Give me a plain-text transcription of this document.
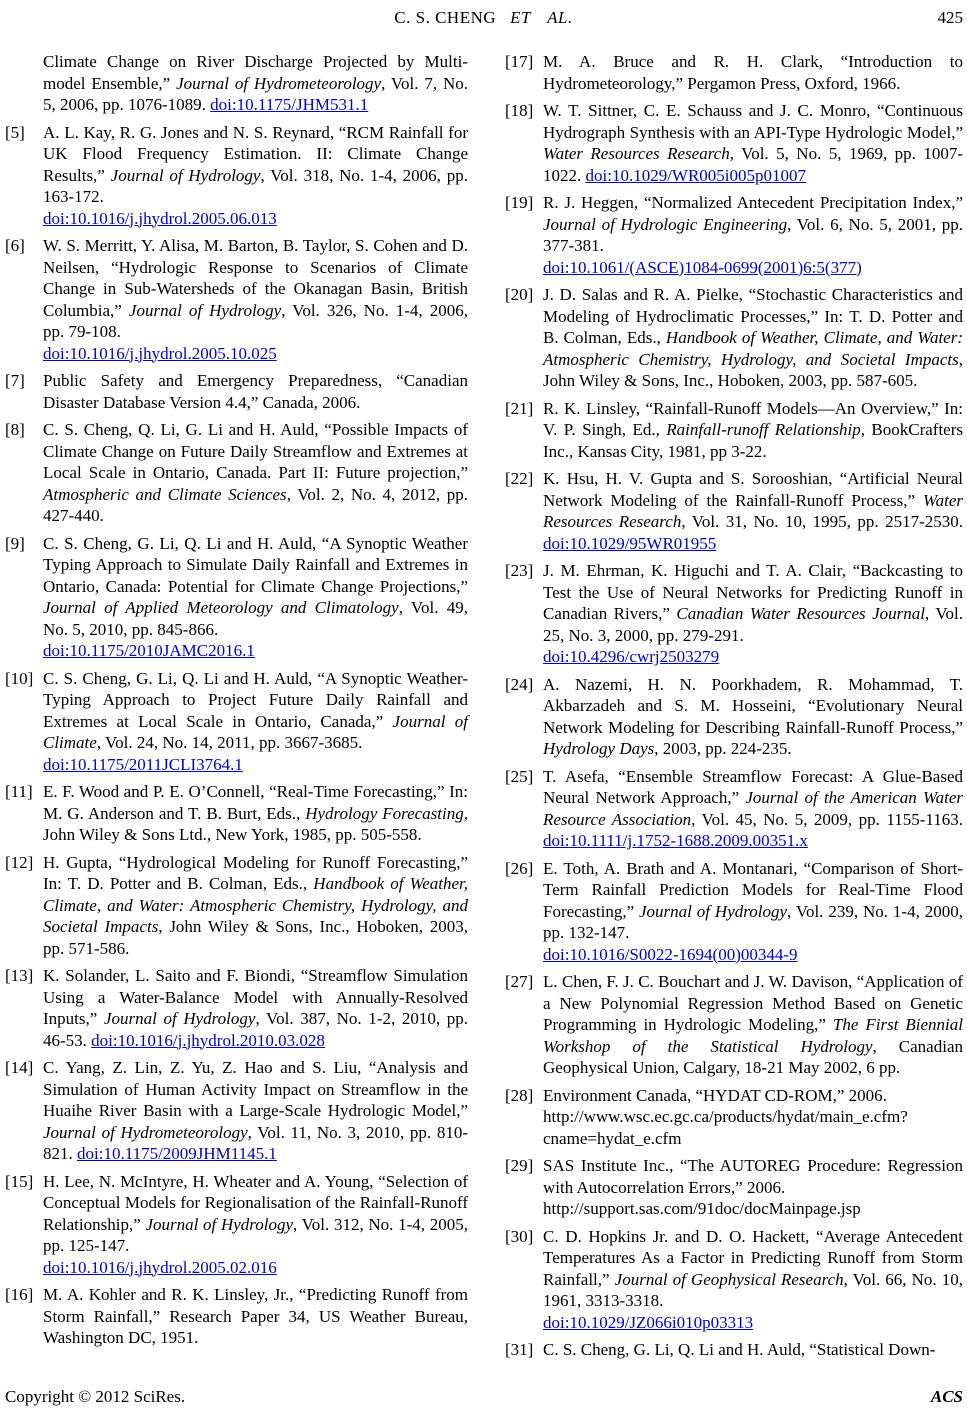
C. S. CHENG ET AL.	425
Climate Change on River Discharge Projected by Multi-model Ensemble,” Journal of Hydrometeorology, Vol. 7, No. 5, 2006, pp. 1076-1089. doi:10.1175/JHM531.1
[5] A. L. Kay, R. G. Jones and N. S. Reynard, “RCM Rainfall for UK Flood Frequency Estimation. II: Climate Change Results,” Journal of Hydrology, Vol. 318, No. 1-4, 2006, pp. 163-172.
doi:10.1016/j.jhydrol.2005.06.013
[6] W. S. Merritt, Y. Alisa, M. Barton, B. Taylor, S. Cohen and D. Neilsen, “Hydrologic Response to Scenarios of Climate Change in Sub-Watersheds of the Okanagan Basin, British Columbia,” Journal of Hydrology, Vol. 326, No. 1-4, 2006, pp. 79-108.
doi:10.1016/j.jhydrol.2005.10.025
[7] Public Safety and Emergency Preparedness, “Canadian Disaster Database Version 4.4,” Canada, 2006.
[8] C. S. Cheng, Q. Li, G. Li and H. Auld, “Possible Impacts of Climate Change on Future Daily Streamflow and Extremes at Local Scale in Ontario, Canada. Part II: Future projection,” Atmospheric and Climate Sciences, Vol. 2, No. 4, 2012, pp. 427-440.
[9] C. S. Cheng, G. Li, Q. Li and H. Auld, “A Synoptic Weather Typing Approach to Simulate Daily Rainfall and Extremes in Ontario, Canada: Potential for Climate Change Projections,” Journal of Applied Meteorology and Climatology, Vol. 49, No. 5, 2010, pp. 845-866.
doi:10.1175/2010JAMC2016.1
[10] C. S. Cheng, G. Li, Q. Li and H. Auld, “A Synoptic Weather-Typing Approach to Project Future Daily Rainfall and Extremes at Local Scale in Ontario, Canada,” Journal of Climate, Vol. 24, No. 14, 2011, pp. 3667-3685.
doi:10.1175/2011JCLI3764.1
[11] E. F. Wood and P. E. O’Connell, “Real-Time Forecasting,” In: M. G. Anderson and T. B. Burt, Eds., Hydrology Forecasting, John Wiley & Sons Ltd., New York, 1985, pp. 505-558.
[12] H. Gupta, “Hydrological Modeling for Runoff Forecasting,” In: T. D. Potter and B. Colman, Eds., Handbook of Weather, Climate, and Water: Atmospheric Chemistry, Hydrology, and Societal Impacts, John Wiley & Sons, Inc., Hoboken, 2003, pp. 571-586.
[13] K. Solander, L. Saito and F. Biondi, “Streamflow Simulation Using a Water-Balance Model with Annually-Resolved Inputs,” Journal of Hydrology, Vol. 387, No. 1-2, 2010, pp. 46-53. doi:10.1016/j.jhydrol.2010.03.028
[14] C. Yang, Z. Lin, Z. Yu, Z. Hao and S. Liu, “Analysis and Simulation of Human Activity Impact on Streamflow in the Huaihe River Basin with a Large-Scale Hydrologic Model,” Journal of Hydrometeorology, Vol. 11, No. 3, 2010, pp. 810-821. doi:10.1175/2009JHM1145.1
[15] H. Lee, N. McIntyre, H. Wheater and A. Young, “Selection of Conceptual Models for Regionalisation of the Rainfall-Runoff Relationship,” Journal of Hydrology, Vol. 312, No. 1-4, 2005, pp. 125-147.
doi:10.1016/j.jhydrol.2005.02.016
[16] M. A. Kohler and R. K. Linsley, Jr., “Predicting Runoff from Storm Rainfall,” Research Paper 34, US Weather Bureau, Washington DC, 1951.
[17] M. A. Bruce and R. H. Clark, “Introduction to Hydrometeorology,” Pergamon Press, Oxford, 1966.
[18] W. T. Sittner, C. E. Schauss and J. C. Monro, “Continuous Hydrograph Synthesis with an API-Type Hydrologic Model,” Water Resources Research, Vol. 5, No. 5, 1969, pp. 1007-1022. doi:10.1029/WR005i005p01007
[19] R. J. Heggen, “Normalized Antecedent Precipitation Index,” Journal of Hydrologic Engineering, Vol. 6, No. 5, 2001, pp. 377-381.
doi:10.1061/(ASCE)1084-0699(2001)6:5(377)
[20] J. D. Salas and R. A. Pielke, “Stochastic Characteristics and Modeling of Hydroclimatic Processes,” In: T. D. Potter and B. Colman, Eds., Handbook of Weather, Climate, and Water: Atmospheric Chemistry, Hydrology, and Societal Impacts, John Wiley & Sons, Inc., Hoboken, 2003, pp. 587-605.
[21] R. K. Linsley, “Rainfall-Runoff Models—An Overview,” In: V. P. Singh, Ed., Rainfall-runoff Relationship, BookCrafters Inc., Kansas City, 1981, pp 3-22.
[22] K. Hsu, H. V. Gupta and S. Sorooshian, “Artificial Neural Network Modeling of the Rainfall-Runoff Process,” Water Resources Research, Vol. 31, No. 10, 1995, pp. 2517-2530. doi:10.1029/95WR01955
[23] J. M. Ehrman, K. Higuchi and T. A. Clair, “Backcasting to Test the Use of Neural Networks for Predicting Runoff in Canadian Rivers,” Canadian Water Resources Journal, Vol. 25, No. 3, 2000, pp. 279-291.
doi:10.4296/cwrj2503279
[24] A. Nazemi, H. N. Poorkhadem, R. Mohammad, T. Akbarzadeh and S. M. Hosseini, “Evolutionary Neural Network Modeling for Describing Rainfall-Runoff Process,” Hydrology Days, 2003, pp. 224-235.
[25] T. Asefa, “Ensemble Streamflow Forecast: A Glue-Based Neural Network Approach,” Journal of the American Water Resource Association, Vol. 45, No. 5, 2009, pp. 1155-1163. doi:10.1111/j.1752-1688.2009.00351.x
[26] E. Toth, A. Brath and A. Montanari, “Comparison of Short-Term Rainfall Prediction Models for Real-Time Flood Forecasting,” Journal of Hydrology, Vol. 239, No. 1-4, 2000, pp. 132-147.
doi:10.1016/S0022-1694(00)00344-9
[27] L. Chen, F. J. C. Bouchart and J. W. Davison, “Application of a New Polynomial Regression Method Based on Genetic Programming in Hydrologic Modeling,” The First Biennial Workshop of the Statistical Hydrology, Canadian Geophysical Union, Calgary, 18-21 May 2002, 6 pp.
[28] Environment Canada, “HYDAT CD-ROM,” 2006.
http://www.wsc.ec.gc.ca/products/hydat/main_e.cfm?cname=hydat_e.cfm
[29] SAS Institute Inc., “The AUTOREG Procedure: Regression with Autocorrelation Errors,” 2006.
http://support.sas.com/91doc/docMainpage.jsp
[30] C. D. Hopkins Jr. and D. O. Hackett, “Average Antecedent Temperatures As a Factor in Predicting Runoff from Storm Rainfall,” Journal of Geophysical Research, Vol. 66, No. 10, 1961, 3313-3318.
doi:10.1029/JZ066i010p03313
[31] C. S. Cheng, G. Li, Q. Li and H. Auld, “Statistical Down-
Copyright © 2012 SciRes.	ACS
